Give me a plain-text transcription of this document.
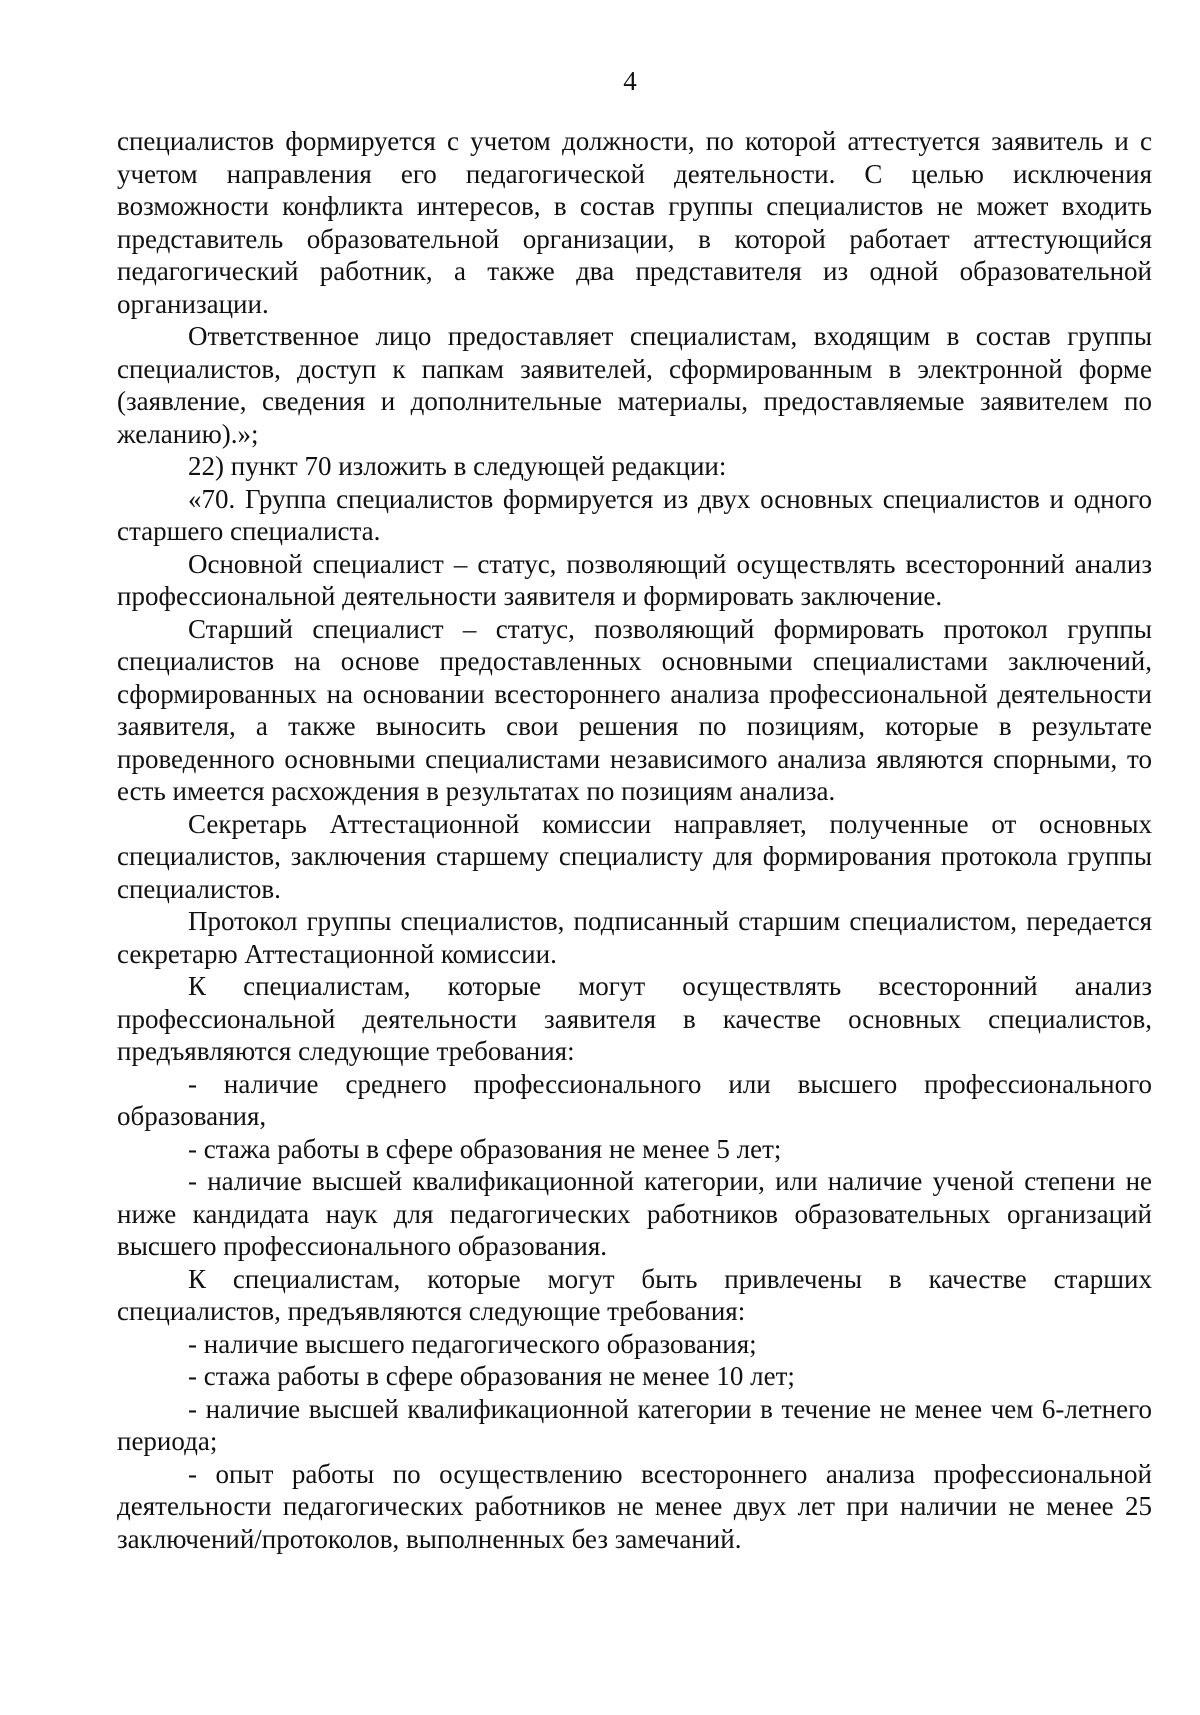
4

специалистов формируется с учетом должности, по которой аттестуется заявитель и с учетом направления его педагогической деятельности. С целью исключения возможности конфликта интересов, в состав группы специалистов не может входить представитель образовательной организации, в которой работает аттестующийся педагогический работник, а также два представителя из одной образовательной организации.

Ответственное лицо предоставляет специалистам, входящим в состав группы специалистов, доступ к папкам заявителей, сформированным в электронной форме (заявление, сведения и дополнительные материалы, предоставляемые заявителем по желанию).»;

22) пункт 70 изложить в следующей редакции:

«70. Группа специалистов формируется из двух основных специалистов и одного старшего специалиста.

Основной специалист – статус, позволяющий осуществлять всесторонний анализ профессиональной деятельности заявителя и формировать заключение.

Старший специалист – статус, позволяющий формировать протокол группы специалистов на основе предоставленных основными специалистами заключений, сформированных на основании всестороннего анализа профессиональной деятельности заявителя, а также выносить свои решения по позициям, которые в результате проведенного основными специалистами независимого анализа являются спорными, то есть имеется расхождения в результатах по позициям анализа.

Секретарь Аттестационной комиссии направляет, полученные от основных специалистов, заключения старшему специалисту для формирования протокола группы специалистов.

Протокол группы специалистов, подписанный старшим специалистом, передается секретарю Аттестационной комиссии.

К специалистам, которые могут осуществлять всесторонний анализ профессиональной деятельности заявителя в качестве основных специалистов, предъявляются следующие требования:

- наличие среднего профессионального или высшего профессионального образования,

- стажа работы в сфере образования не менее 5 лет;

- наличие высшей квалификационной категории, или наличие ученой степени не ниже кандидата наук для педагогических работников образовательных организаций высшего профессионального образования.

К специалистам, которые могут быть привлечены в качестве старших специалистов, предъявляются следующие требования:

- наличие высшего педагогического образования;

- стажа работы в сфере образования не менее 10 лет;

- наличие высшей квалификационной категории в течение не менее чем 6-летнего периода;

- опыт работы по осуществлению всестороннего анализа профессиональной деятельности педагогических работников не менее двух лет при наличии не менее 25 заключений/протоколов, выполненных без замечаний.
